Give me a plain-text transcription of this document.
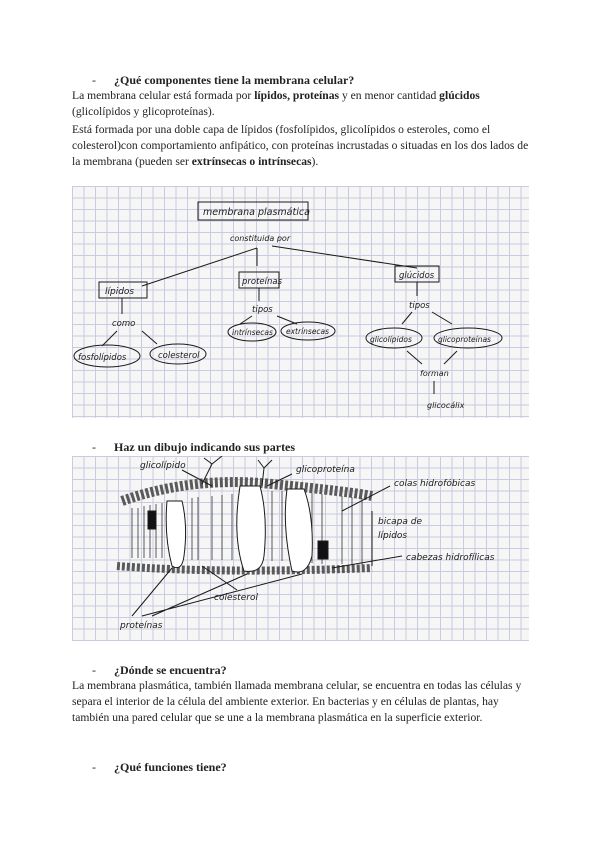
- ¿Qué componentes tiene la membrana celular?
La membrana celular está formada por lípidos, proteínas y en menor cantidad glúcidos (glicolípidos y glicoproteínas).
Está formada por una doble capa de lípidos (fosfolípidos, glicolípidos o esteroles, como el colesterol)con comportamiento anfipático, con proteínas incrustadas o situadas en los dos lados de la membrana (pueden ser extrínsecas o intrínsecas).
membrana plasmática
constituida por
lípidos
como
fosfolípidos	colesterol
proteínas
tipos
intrínsecas extrínsecas
glúcidos
tipos
glicolípidos	glicoproteínas
forman
glicocálix
- Haz un dibujo indicando sus partes
glicolípido	glicoproteína
colas hidrofóbicas
bicapa de
lípidos
cabezas hidrofílicas
colesterol
proteínas
- ¿Dónde se encuentra?
La membrana plasmática, también llamada membrana celular, se encuentra en todas las células y separa el interior de la célula del ambiente exterior. En bacterias y en células de plantas, hay también una pared celular que se une a la membrana plasmática en la superficie exterior.
- ¿Qué funciones tiene?
